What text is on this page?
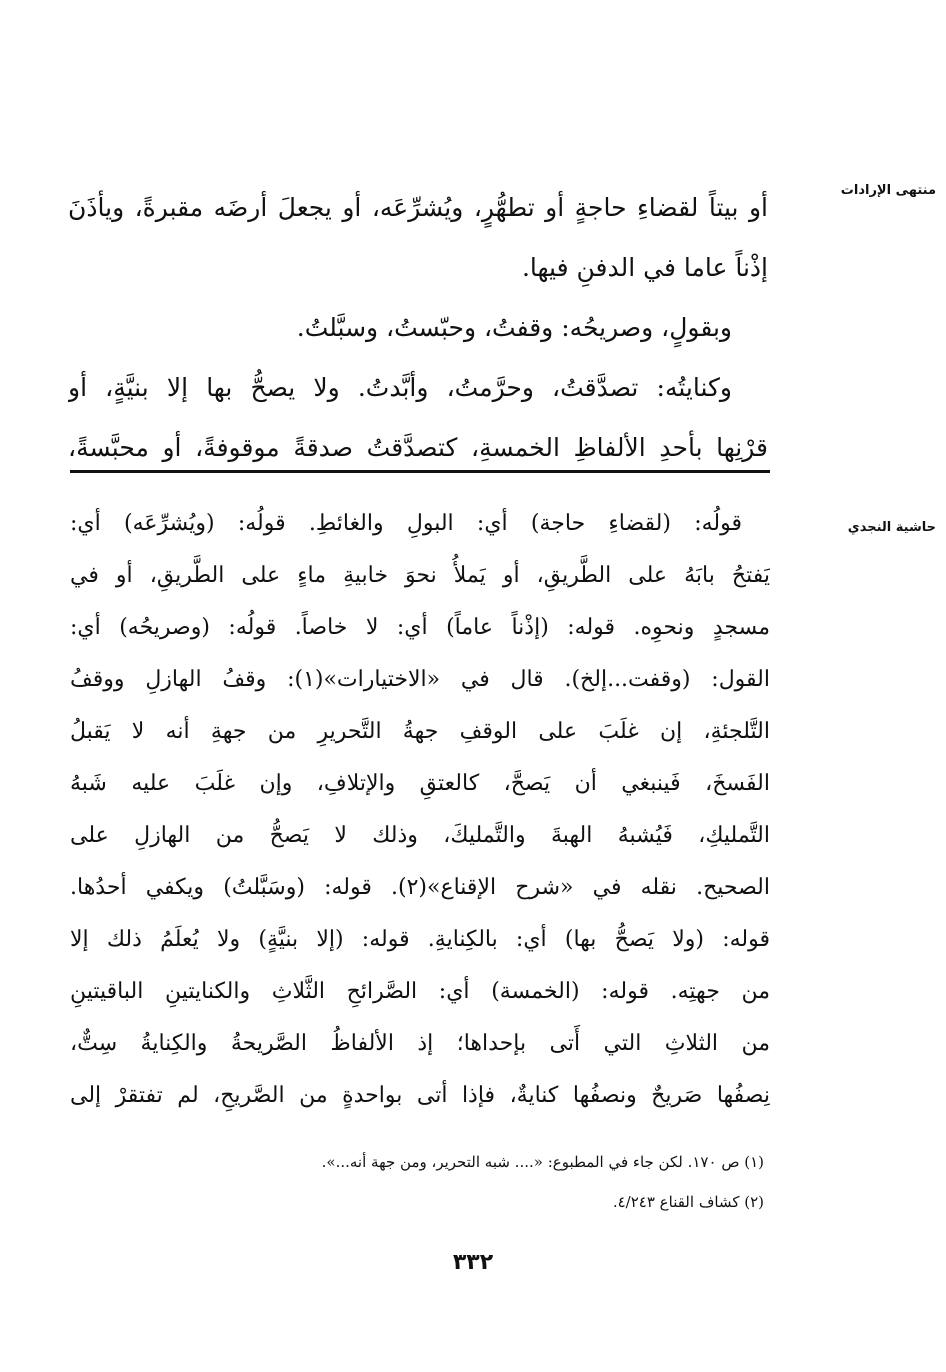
منتهى الإرادات
أو بيتاً لقضاءِ حاجةٍ أو تطهُّرٍ، ويُشرِّعَه، أو يجعلَ أرضَه مقبرةً، ويأذَنَ
إذْناً عاما في الدفنِ فيها.
وبقولٍ، وصريحُه: وقفتُ، وحبّستُ، وسبَّلتُ.
وكنايتُه: تصدَّقتُ، وحرَّمتُ، وأبَّدتُ. ولا يصحُّ بها إلا بنيَّةٍ، أو
قرْنِها بأحدِ الألفاظِ الخمسةِ، كتصدَّقتُ صدقةً موقوفةً، أو محبَّسةً،
حاشية النجدي
قولُه: (لقضاءِ حاجة) أي: البولِ والغائطِ. قولُه: (ويُشرِّعَه) أي:
يَفتحُ بابَهُ على الطَّريقِ، أو يَملأُ نحوَ خابيةِ ماءٍ على الطَّريقِ، أو في
مسجدٍ ونحوِه. قوله: (إذْناً عاماً) أي: لا خاصاً. قولُه: (وصريحُه) أي:
القول: (وقفت...إلخ). قال في «الاختيارات»(١): وقفُ الهازلِ ووقفُ
التَّلجئةِ، إن غلَبَ على الوقفِ جهةُ التَّحريرِ من جهةِ أنه لا يَقبلُ
الفَسخَ، فَينبغي أن يَصحَّ، كالعتقِ والإتلافِ، وإن غلَبَ عليه شَبهُ
التَّمليكِ، فَيُشبهُ الهبةَ والتَّمليكَ، وذلك لا يَصحُّ من الهازلِ على
الصحيح. نقله في «شرح الإقناع»(٢). قوله: (وسَبَّلتُ) ويكفي أحدُها.
قوله: (ولا يَصحُّ بها) أي: بالكِنايةِ. قوله: (إلا بنيَّةٍ) ولا يُعلَمُ ذلك إلا
من جهتِه. قوله: (الخمسة) أي: الصَّرائحِ الثَّلاثِ والكنايتينِ الباقيتينِ
من الثلاثِ التي أَتى بإحداها؛ إذ الألفاظُ الصَّريحةُ والكِنايةُ سِتٌّ،
نِصفُها صَريحٌ ونصفُها كنايةٌ، فإذا أتى بواحدةٍ من الصَّريحِ، لم تفتقرْ إلى
(١) ص ١٧٠. لكن جاء في المطبوع: «.... شبه التحرير، ومن جهة أنه...».
(٢) كشاف القناع ٤/٢٤٣.
٣٣٢
